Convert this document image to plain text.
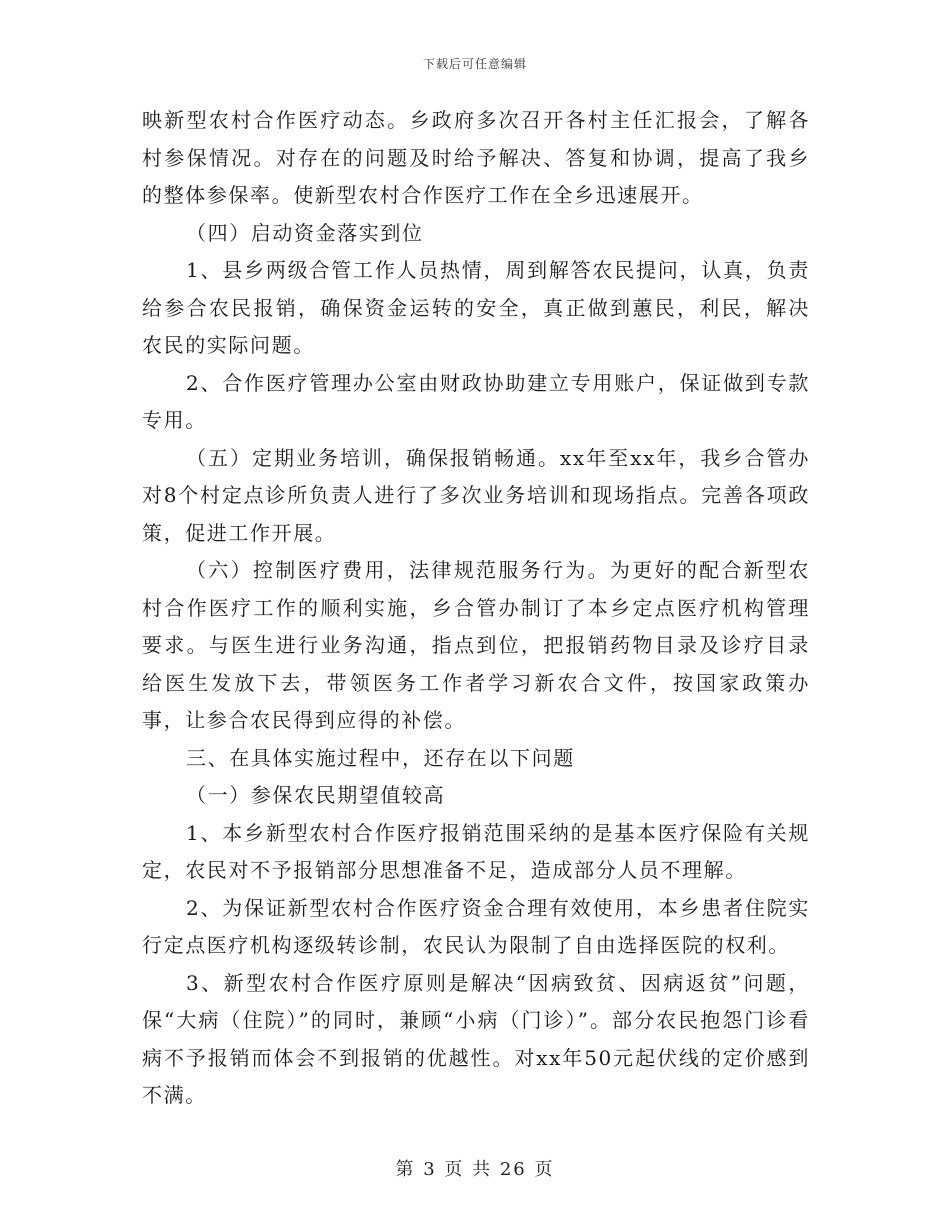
下载后可任意编辑

映新型农村合作医疗动态。乡政府多次召开各村主任汇报会，了解各村参保情况。对存在的问题及时给予解决、答复和协调，提高了我乡的整体参保率。使新型农村合作医疗工作在全乡迅速展开。

（四）启动资金落实到位

1、县乡两级合管工作人员热情，周到解答农民提问，认真，负责给参合农民报销，确保资金运转的安全，真正做到蕙民，利民，解决农民的实际问题。

2、合作医疗管理办公室由财政协助建立专用账户，保证做到专款专用。

（五）定期业务培训，确保报销畅通。xx年至xx年，我乡合管办对8个村定点诊所负责人进行了多次业务培训和现场指点。完善各项政策，促进工作开展。

（六）控制医疗费用，法律规范服务行为。为更好的配合新型农村合作医疗工作的顺利实施，乡合管办制订了本乡定点医疗机构管理要求。与医生进行业务沟通，指点到位，把报销药物目录及诊疗目录给医生发放下去，带领医务工作者学习新农合文件，按国家政策办事，让参合农民得到应得的补偿。

三、在具体实施过程中，还存在以下问题

（一）参保农民期望值较高

1、本乡新型农村合作医疗报销范围采纳的是基本医疗保险有关规定，农民对不予报销部分思想准备不足，造成部分人员不理解。

2、为保证新型农村合作医疗资金合理有效使用，本乡患者住院实行定点医疗机构逐级转诊制，农民认为限制了自由选择医院的权利。

3、新型农村合作医疗原则是解决“因病致贫、因病返贫”问题，保“大病（住院）”的同时，兼顾“小病（门诊）”。部分农民抱怨门诊看病不予报销而体会不到报销的优越性。对xx年50元起伏线的定价感到不满。

第 3 页 共 26 页
